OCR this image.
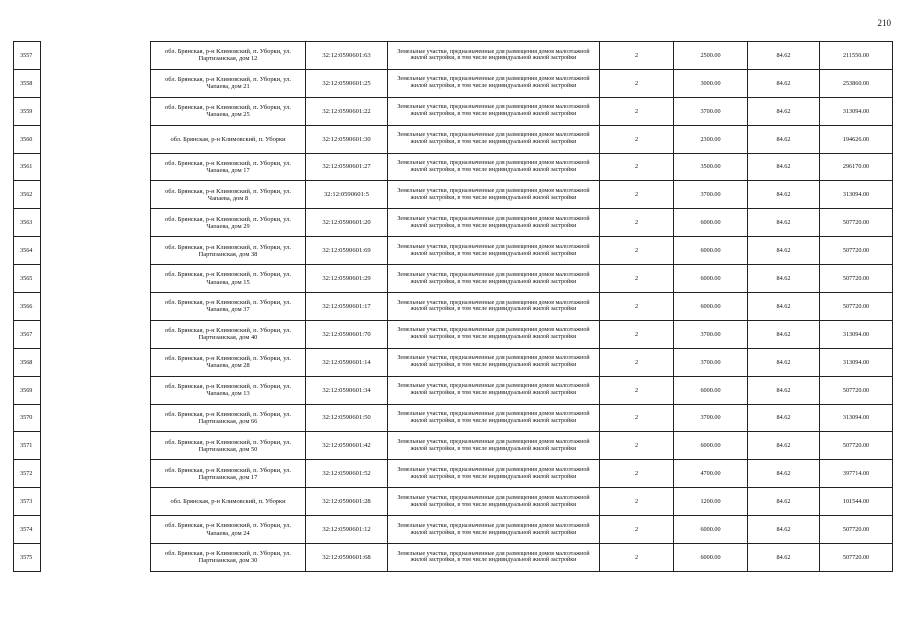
210
3557		обл. Брянская, р-н Климовский, п. Уборки, ул. Партизанская, дом 12	32:12:0590601:63	Земельные участки, предназначенные для размещения домов малоэтажной жилой застройки, в том числе индивидуальной жилой застройки	2	2500.00	84.62	211550.00
3558		обл. Брянская, р-н Климовский, п. Уборки, ул. Чапаева, дом 21	32:12:0590601:25	Земельные участки, предназначенные для размещения домов малоэтажной жилой застройки, в том числе индивидуальной жилой застройки	2	3000.00	84.62	253860.00
3559		обл. Брянская, р-н Климовский, п. Уборки, ул. Чапаева, дом 25	32:12:0590601:22	Земельные участки, предназначенные для размещения домов малоэтажной жилой застройки, в том числе индивидуальной жилой застройки	2	3700.00	84.62	313094.00
3560		обл. Брянская, р-н Климовский, п. Уборки	32:12:0590601:30	Земельные участки, предназначенные для размещения домов малоэтажной жилой застройки, в том числе индивидуальной жилой застройки	2	2300.00	84.62	194626.00
3561		обл. Брянская, р-н Климовский, п. Уборки, ул. Чапаева, дом 17	32:12:0590601:27	Земельные участки, предназначенные для размещения домов малоэтажной жилой застройки, в том числе индивидуальной жилой застройки	2	3500.00	84.62	296170.00
3562		обл. Брянская, р-н Климовский, п. Уборки, ул. Чапаева, дом 8	32:12:0590601:5	Земельные участки, предназначенные для размещения домов малоэтажной жилой застройки, в том числе индивидуальной жилой застройки	2	3700.00	84.62	313094.00
3563		обл. Брянская, р-н Климовский, п. Уборки, ул. Чапаева, дом 29	32:12:0590601:20	Земельные участки, предназначенные для размещения домов малоэтажной жилой застройки, в том числе индивидуальной жилой застройки	2	6000.00	84.62	507720.00
3564		обл. Брянская, р-н Климовский, п. Уборки, ул. Партизанская, дом 38	32:12:0590601:69	Земельные участки, предназначенные для размещения домов малоэтажной жилой застройки, в том числе индивидуальной жилой застройки	2	6000.00	84.62	507720.00
3565		обл. Брянская, р-н Климовский, п. Уборки, ул. Чапаева, дом 15	32:12:0590601:29	Земельные участки, предназначенные для размещения домов малоэтажной жилой застройки, в том числе индивидуальной жилой застройки	2	6000.00	84.62	507720.00
3566		обл. Брянская, р-н Климовский, п. Уборки, ул. Чапаева, дом 37	32:12:0590601:17	Земельные участки, предназначенные для размещения домов малоэтажной жилой застройки, в том числе индивидуальной жилой застройки	2	6000.00	84.62	507720.00
3567		обл. Брянская, р-н Климовский, п. Уборки, ул. Партизанская, дом 40	32:12:0590601:70	Земельные участки, предназначенные для размещения домов малоэтажной жилой застройки, в том числе индивидуальной жилой застройки	2	3700.00	84.62	313094.00
3568		обл. Брянская, р-н Климовский, п. Уборки, ул. Чапаева, дом 28	32:12:0590601:14	Земельные участки, предназначенные для размещения домов малоэтажной жилой застройки, в том числе индивидуальной жилой застройки	2	3700.00	84.62	313094.00
3569		обл. Брянская, р-н Климовский, п. Уборки, ул. Чапаева, дом 13	32:12:0590601:34	Земельные участки, предназначенные для размещения домов малоэтажной жилой застройки, в том числе индивидуальной жилой застройки	2	6000.00	84.62	507720.00
3570		обл. Брянская, р-н Климовский, п. Уборки, ул. Партизанская, дом 66	32:12:0590601:50	Земельные участки, предназначенные для размещения домов малоэтажной жилой застройки, в том числе индивидуальной жилой застройки	2	3700.00	84.62	313094.00
3571		обл. Брянская, р-н Климовский, п. Уборки, ул. Партизанская, дом 50	32:12:0590601:42	Земельные участки, предназначенные для размещения домов малоэтажной жилой застройки, в том числе индивидуальной жилой застройки	2	6000.00	84.62	507720.00
3572		обл. Брянская, р-н Климовский, п. Уборки, ул. Партизанская, дом 17	32:12:0590601:52	Земельные участки, предназначенные для размещения домов малоэтажной жилой застройки, в том числе индивидуальной жилой застройки	2	4700.00	84.62	397714.00
3573		обл. Брянская, р-н Климовский, п. Уборки	32:12:0590601:28	Земельные участки, предназначенные для размещения домов малоэтажной жилой застройки, в том числе индивидуальной жилой застройки	2	1200.00	84.62	101544.00
3574		обл. Брянская, р-н Климовский, п. Уборки, ул. Чапаева, дом 24	32:12:0590601:12	Земельные участки, предназначенные для размещения домов малоэтажной жилой застройки, в том числе индивидуальной жилой застройки	2	6000.00	84.62	507720.00
3575		обл. Брянская, р-н Климовский, п. Уборки, ул. Партизанская, дом 30	32:12:0590601:68	Земельные участки, предназначенные для размещения домов малоэтажной жилой застройки, в том числе индивидуальной жилой застройки	2	6000.00	84.62	507720.00
